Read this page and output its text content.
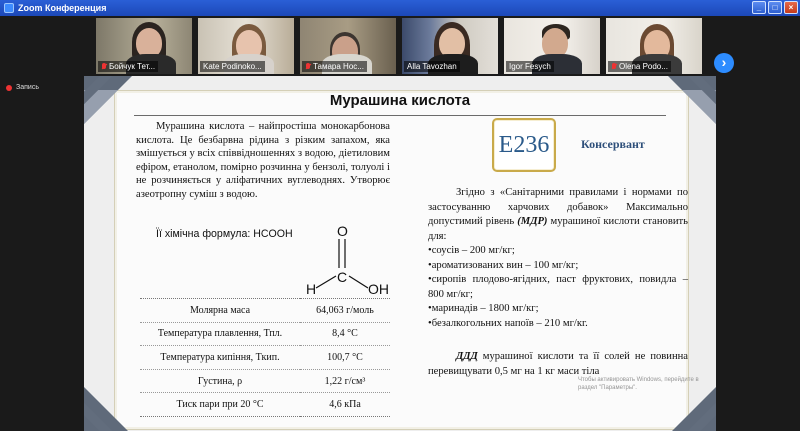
Zoom Конференция	_	□	×
Бойчук Тет...	Kate Podinoko...	Тамара Нос...	Alla Tavozhan	Igor Fesych	Olena Podo...	›
Запись
Мурашина кислота
Мурашина кислота – найпростіша монокарбонова кислота. Це безбарвна рідина з різким запахом, яка змішується у всіх співвідношеннях з водою, діетиловим ефіром, етанолом, помірно розчинна у бензолі, толуолі і не розчиняється у аліфатичних вуглеводнях. Утворює азеотропну суміш з водою.
Її хімічна формула: HCOOH	O
C
H	OH
Молярна маса	64,063 г/моль
Температура плавлення, Тпл.	8,4 °С
Температура кипіння, Ткип.	100,7 °С
Густина, ρ	1,22 г/см³
Тиск пари при 20 °С	4,6 кПа
E236	Консервант
Згідно з «Санітарними правилами і нормами по застосуванню харчових добавок» Максимально допустимий рівень (МДР) мурашиної кислоти становить для:
•соусів – 200 мг/кг;
•ароматизованих вин – 100 мг/кг;
•сиропів плодово-ягідних, паст фруктових, повидла – 800 мг/кг;
•маринадів – 1800 мг/кг;
•безалкогольних напоїв – 210 мг/кг.
ДДД мурашиної кислоти та її солей не повинна перевищувати 0,5 мг на 1 кг маси тіла
Чтобы активировать Windows, перейдите в раздел "Параметры".
